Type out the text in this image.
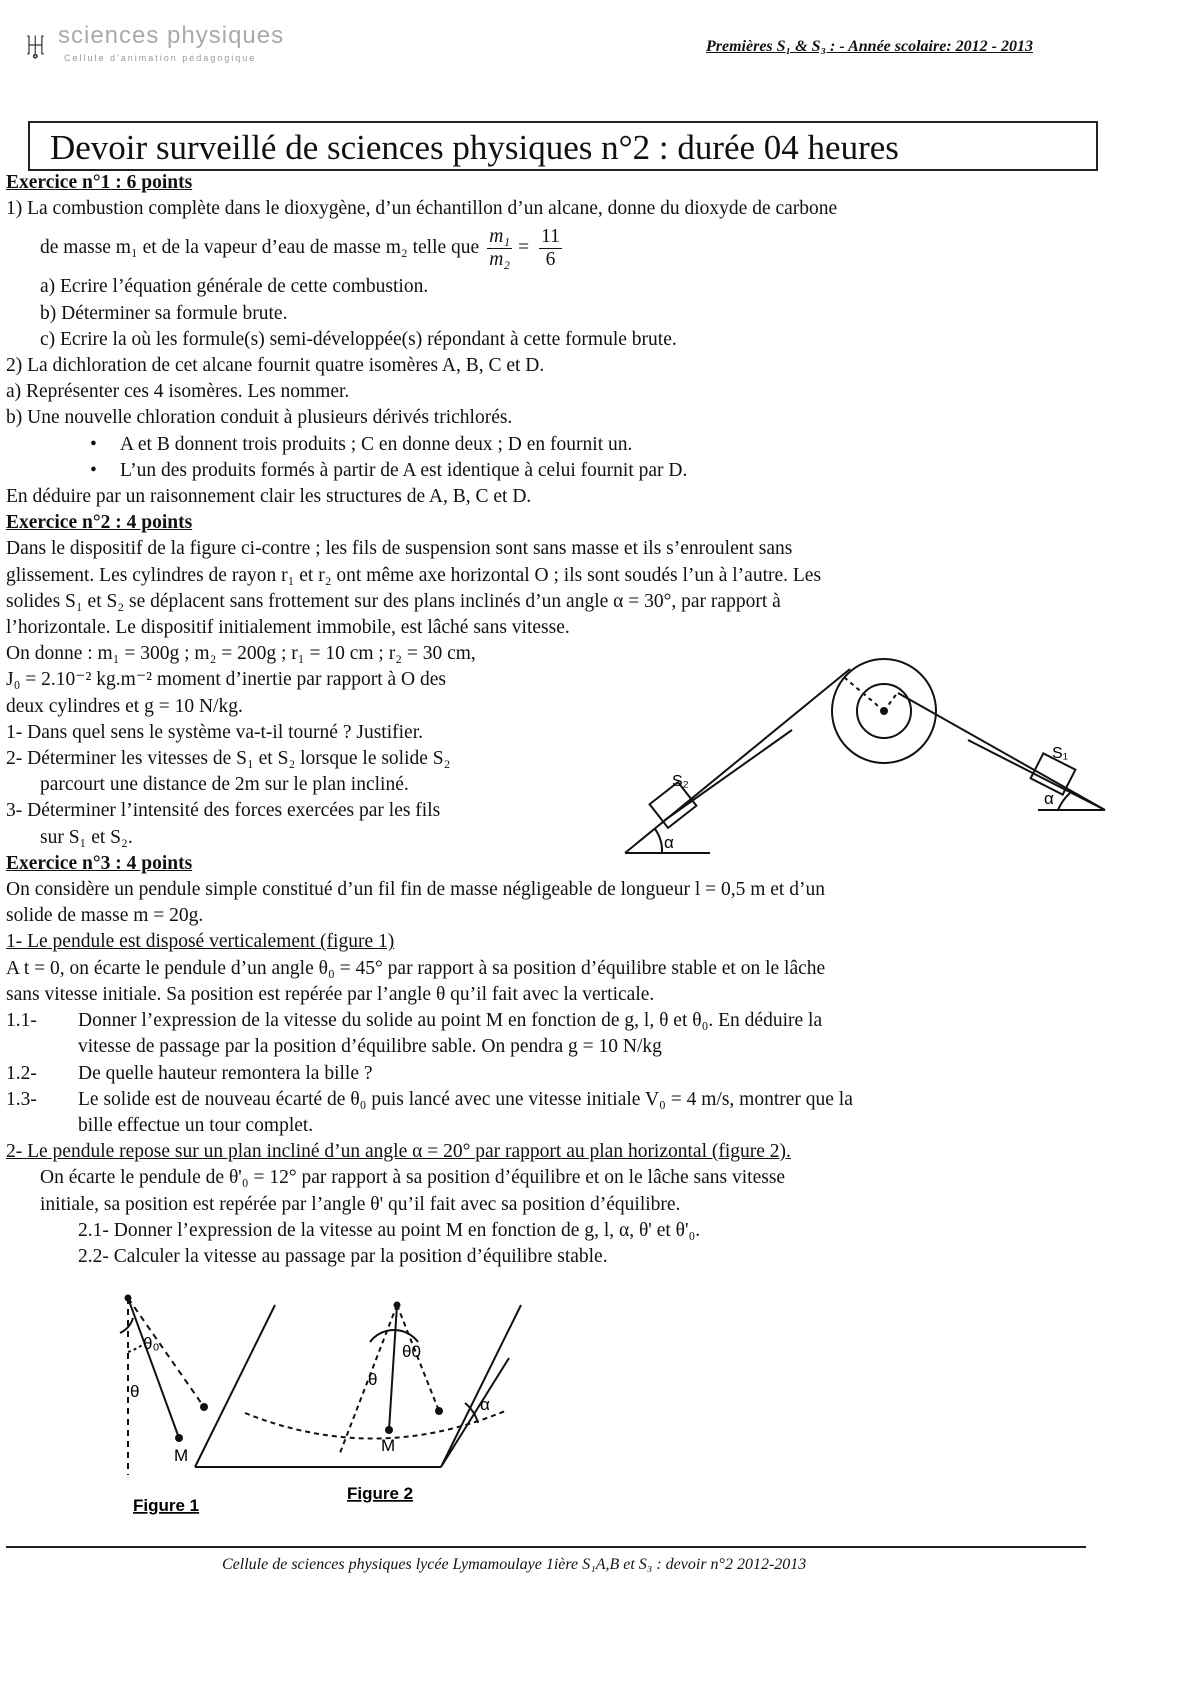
♅ sciences physiques
Cellule d'animation pédagogique
Premières S₁ & S₃ : - Année scolaire: 2012 - 2013
Devoir surveillé de sciences physiques n°2 : durée 04 heures
Exercice n°1 : 6 points
1) La combustion complète dans le dioxygène, d’un échantillon d’un alcane, donne du dioxyde de carbone
de masse m₁ et de la vapeur d’eau de masse m₂ telle que $\frac{\text{m₁}}{\text{m₂}} = \frac{11}{6}$
a) Ecrire l’équation générale de cette combustion.
b) Déterminer sa formule brute.
c) Ecrire la où les formule(s) semi-développée(s) répondant à cette formule brute.
2) La dichloration de cet alcane fournit quatre isomères A, B, C et D.
a) Représenter ces 4 isomères. Les nommer.
b) Une nouvelle chloration conduit à plusieurs dérivés trichlorés.
• A et B donnent trois produits ; C en donne deux ; D en fournit un.
• L’un des produits formés à partir de A est identique à celui fournit par D.
En déduire par un raisonnement clair les structures de A, B, C et D.
Exercice n°2 : 4 points
Dans le dispositif de la figure ci-contre ; les fils de suspension sont sans masse et ils s’enroulent sans
glissement. Les cylindres de rayon r₁ et r₂ ont même axe horizontal O ; ils sont soudés l’un à l’autre. Les
solides S₁ et S₂ se déplacent sans frottement sur des plans inclinés d’un angle α = 30°, par rapport à
l’horizontale. Le dispositif initialement immobile, est lâché sans vitesse.
On donne : m₁ = 300g ; m₂ = 200g ; r₁ = 10 cm ; r₂ = 30 cm,
J₀ = 2.10⁻² kg.m⁻² moment d’inertie par rapport à O des
deux cylindres et g = 10 N/kg.
1- Dans quel sens le système va-t-il tourné ? Justifier.
2- Déterminer les vitesses de S₁ et S₂ lorsque le solide S₂
parcourt une distance de 2m sur le plan incliné.
3- Déterminer l’intensité des forces exercées par les fils
sur S₁ et S₂.
Exercice n°3 : 4 points
On considère un pendule simple constitué d’un fil fin de masse négligeable de longueur l = 0,5 m et d’un
solide de masse m = 20g.
1- Le pendule est disposé verticalement (figure 1)
A t = 0, on écarte le pendule d’un angle θ₀ = 45° par rapport à sa position d’équilibre stable et on le lâche
sans vitesse initiale. Sa position est repérée par l’angle θ qu’il fait avec la verticale.
1.1- Donner l’expression de la vitesse du solide au point M en fonction de g, l, θ et θ₀. En déduire la
vitesse de passage par la position d’équilibre sable. On pendra g = 10 N/kg
1.2- De quelle hauteur remontera la bille ?
1.3- Le solide est de nouveau écarté de θ₀ puis lancé avec une vitesse initiale V₀ = 4 m/s, montrer que la
bille effectue un tour complet.
2- Le pendule repose sur un plan incliné d’un angle α = 20° par rapport au plan horizontal (figure 2).
On écarte le pendule de θ'₀ = 12° par rapport à sa position d’équilibre et on le lâche sans vitesse
initiale, sa position est repérée par l’angle θ' qu’il fait avec sa position d’équilibre.
2.1- Donner l’expression de la vitesse au point M en fonction de g, l, α, θ' et θ'₀.
2.2- Calculer la vitesse au passage par la position d’équilibre stable.
S₂
S₁
α
α
θ₀
θ
M
Figure 1
θ0
θ
M
α
Figure 2
Cellule de sciences physiques lycée Lymamoulaye 1ière S₁A,B et S₃ : devoir n°2 2012-2013
